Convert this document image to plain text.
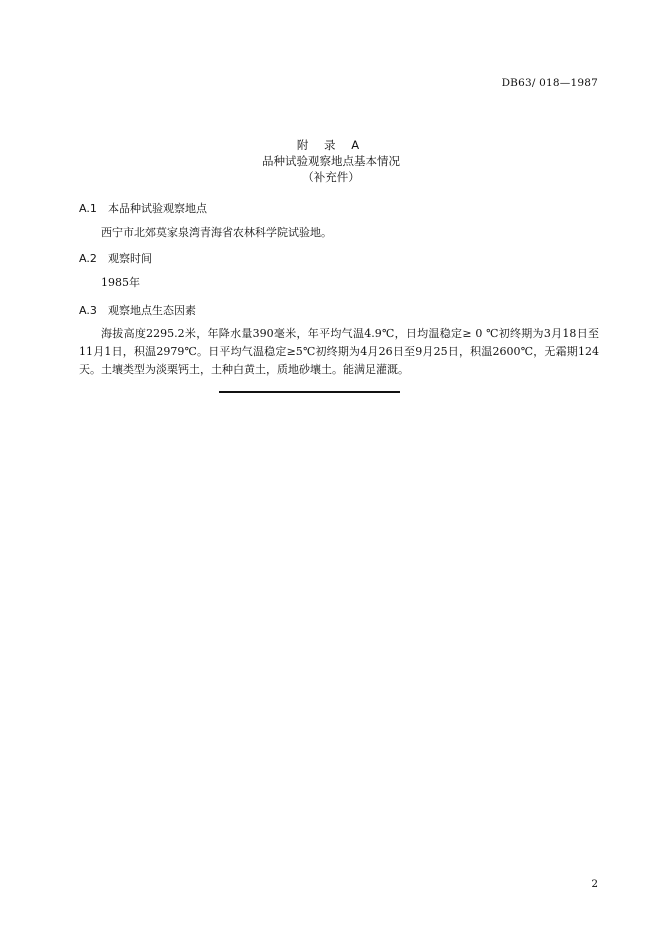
DB63/ 018—1987
附 录 A
品种试验观察地点基本情况
（补充件）
A.1 本品种试验观察地点
西宁市北郊莫家泉湾青海省农林科学院试验地。
A.2 观察时间
1985年
A.3 观察地点生态因素
海拔高度2295.2米，年降水量390毫米，年平均气温4.9℃，日均温稳定≥ 0 ℃初终期为3月18日至11月1日，积温2979℃。日平均气温稳定≥5℃初终期为4月26日至9月25日，积温2600℃，无霜期124天。土壤类型为淡栗钙土，土种白黄土，质地砂壤土。能满足灌溉。
2
